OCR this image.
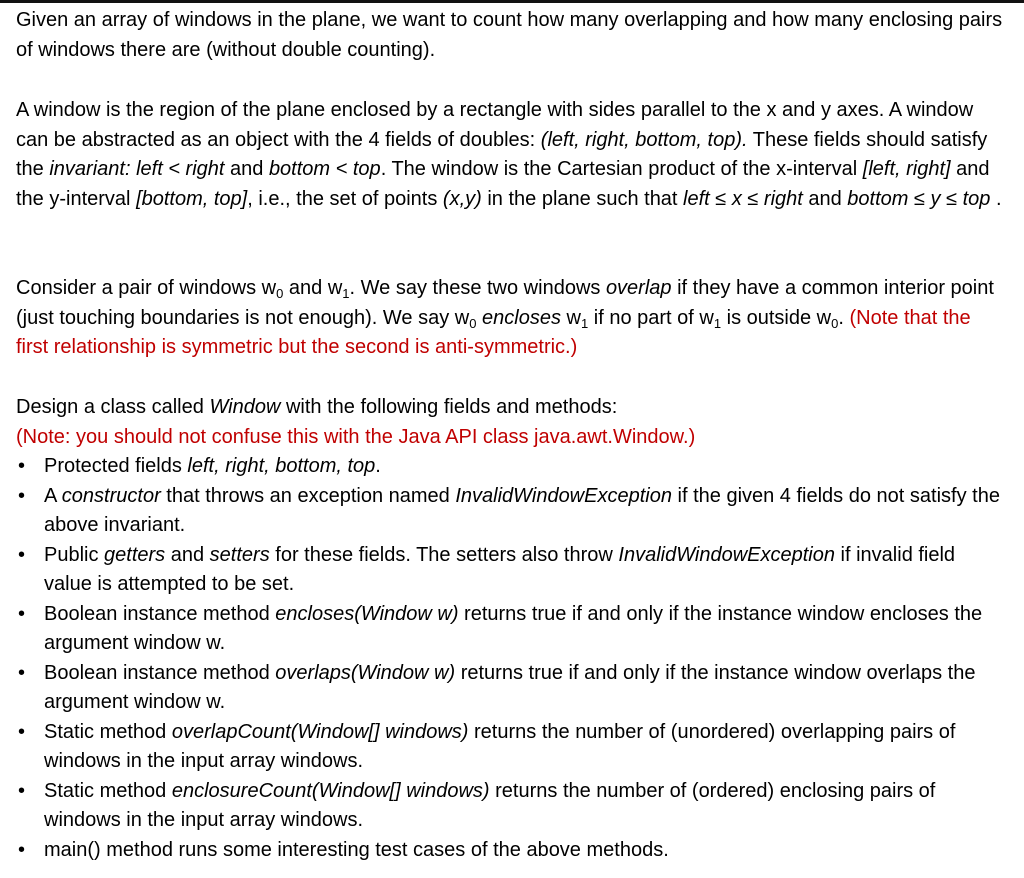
Given an array of windows in the plane, we want to count how many overlapping and how many enclosing pairs of windows there are (without double counting).

A window is the region of the plane enclosed by a rectangle with sides parallel to the x and y axes. A window can be abstracted as an object with the 4 fields of doubles: (left, right, bottom, top). These fields should satisfy the invariant: left < right and bottom < top. The window is the Cartesian product of the x-interval [left, right] and the y-interval [bottom, top], i.e., the set of points (x,y) in the plane such that left ≤ x ≤ right and bottom ≤ y ≤ top .

Consider a pair of windows $w_0$ and $w_1$. We say these two windows overlap if they have a common interior point (just touching boundaries is not enough). We say $w_0$ encloses $w_1$ if no part of $w_1$ is outside $w_0$. (Note that the first relationship is symmetric but the second is anti-symmetric.)

Design a class called Window with the following fields and methods:

(Note: you should not confuse this with the Java API class java.awt.Window.)

• Protected fields left, right, bottom, top.
• A constructor that throws an exception named InvalidWindowException if the given 4 fields do not satisfy the above invariant.
• Public getters and setters for these fields. The setters also throw InvalidWindowException if invalid field value is attempted to be set.
• Boolean instance method encloses(Window w) returns true if and only if the instance window encloses the argument window w.
• Boolean instance method overlaps(Window w) returns true if and only if the instance window overlaps the argument window w.
• Static method overlapCount(Window[] windows) returns the number of (unordered) overlapping pairs of windows in the input array windows.
• Static method enclosureCount(Window[] windows) returns the number of (ordered) enclosing pairs of windows in the input array windows.
• main() method runs some interesting test cases of the above methods.
